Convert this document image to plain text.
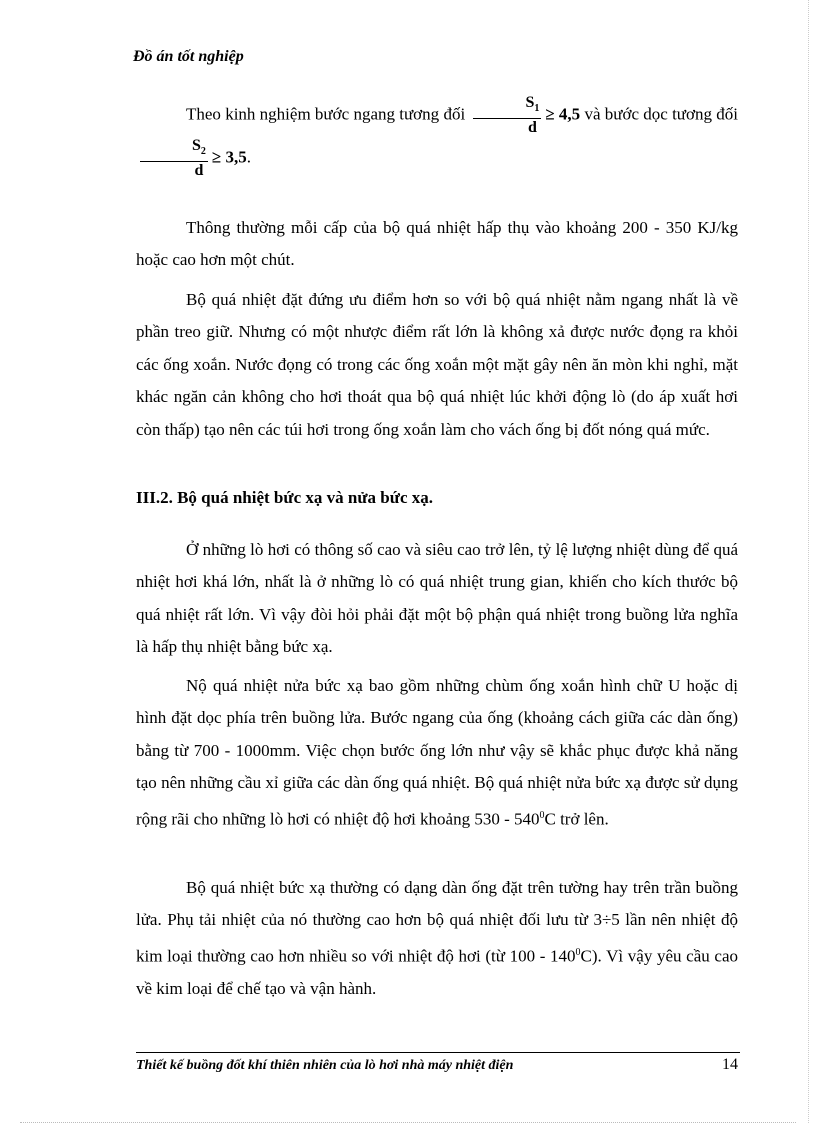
Đồ án tốt nghiệp
Theo kinh nghiệm bước ngang tương đối $\frac{S_1}{d} \ge 4,5$ và bước dọc tương đối
$\frac{S_2}{d} \ge 3,5$.
Thông thường mỗi cấp của bộ quá nhiệt hấp thụ vào khoảng 200 - 350 KJ/kg hoặc cao hơn một chút.
Bộ quá nhiệt đặt đứng ưu điểm hơn so với bộ quá nhiệt nằm ngang nhất là về phần treo giữ. Nhưng có một nhược điểm rất lớn là không xả được nước đọng ra khỏi các ống xoắn. Nước đọng có trong các ống xoắn một mặt gây nên ăn mòn khi nghỉ, mặt khác ngăn cản không cho hơi thoát qua bộ quá nhiệt lúc khởi động lò (do áp xuất hơi còn thấp) tạo nên các túi hơi trong ống xoắn làm cho vách ống bị đốt nóng quá mức.
III.2. Bộ quá nhiệt bức xạ và nửa bức xạ.
Ở những lò hơi có thông số cao và siêu cao trở lên, tỷ lệ lượng nhiệt dùng để quá nhiệt hơi khá lớn, nhất là ở những lò có quá nhiệt trung gian, khiến cho kích thước bộ quá nhiệt rất lớn. Vì vậy đòi hỏi phải đặt một bộ phận quá nhiệt trong buồng lửa nghĩa là hấp thụ nhiệt bằng bức xạ.
Nộ quá nhiệt nửa bức xạ bao gồm những chùm ống xoắn hình chữ U hoặc dị hình đặt dọc phía trên buồng lửa. Bước ngang của ống (khoảng cách giữa các dàn ống) bằng từ 700 - 1000mm. Việc chọn bước ống lớn như vậy sẽ khắc phục được khả năng tạo nên những cầu xỉ giữa các dàn ống quá nhiệt. Bộ quá nhiệt nửa bức xạ được sử dụng rộng rãi cho những lò hơi có nhiệt độ hơi khoảng $530 - 540^0C$ trở lên.
Bộ quá nhiệt bức xạ thường có dạng dàn ống đặt trên tường hay trên trần buồng lửa. Phụ tải nhiệt của nó thường cao hơn bộ quá nhiệt đối lưu từ 3÷5 lần nên nhiệt độ kim loại thường cao hơn nhiều so với nhiệt độ hơi (từ $100 - 140^0C$). Vì vậy yêu cầu cao về kim loại để chế tạo và vận hành.
Thiết kế buồng đốt khí thiên nhiên của lò hơi nhà máy nhiệt điện	14
